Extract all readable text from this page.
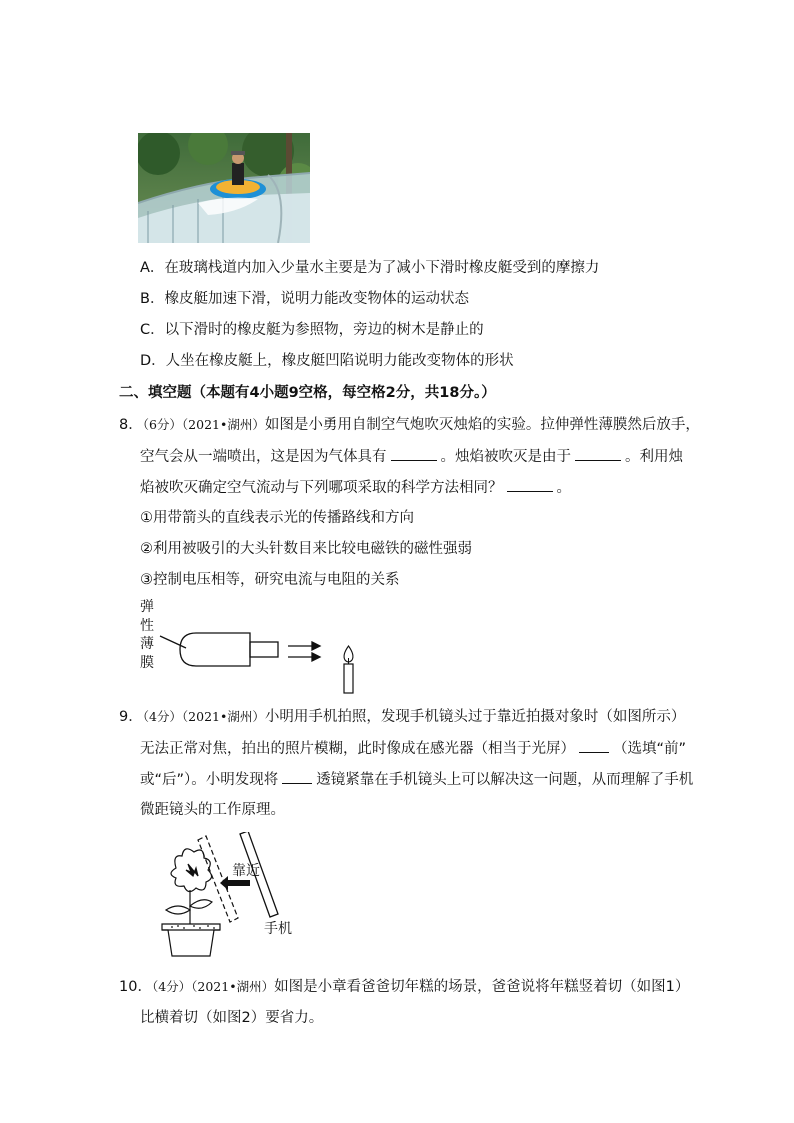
A．在玻璃栈道内加入少量水主要是为了减小下滑时橡皮艇受到的摩擦力
B．橡皮艇加速下滑，说明力能改变物体的运动状态
C．以下滑时的橡皮艇为参照物，旁边的树木是静止的
D．人坐在橡皮艇上，橡皮艇凹陷说明力能改变物体的形状
二、填空题（本题有4小题9空格，每空格2分，共18分。）
8．（6分）（2021•湖州）如图是小勇用自制空气炮吹灭烛焰的实验。拉伸弹性薄膜然后放手，
空气会从一端喷出，这是因为气体具有	。烛焰被吹灭是由于	。利用烛
焰被吹灭确定空气流动与下列哪项采取的科学方法相同？	。
①用带箭头的直线表示光的传播路线和方向
②利用被吸引的大头针数目来比较电磁铁的磁性强弱
③控制电压相等，研究电流与电阻的关系
弹
性
薄
膜
9．（4分）（2021•湖州）小明用手机拍照，发现手机镜头过于靠近拍摄对象时（如图所示）
无法正常对焦，拍出的照片模糊，此时像成在感光器（相当于光屏）	（选填“前”
或“后”）。小明发现将	透镜紧靠在手机镜头上可以解决这一问题，从而理解了手机
微距镜头的工作原理。
靠近
手机
10．（4分）（2021•湖州）如图是小章看爸爸切年糕的场景，爸爸说将年糕竖着切（如图1）
比横着切（如图2）要省力。
